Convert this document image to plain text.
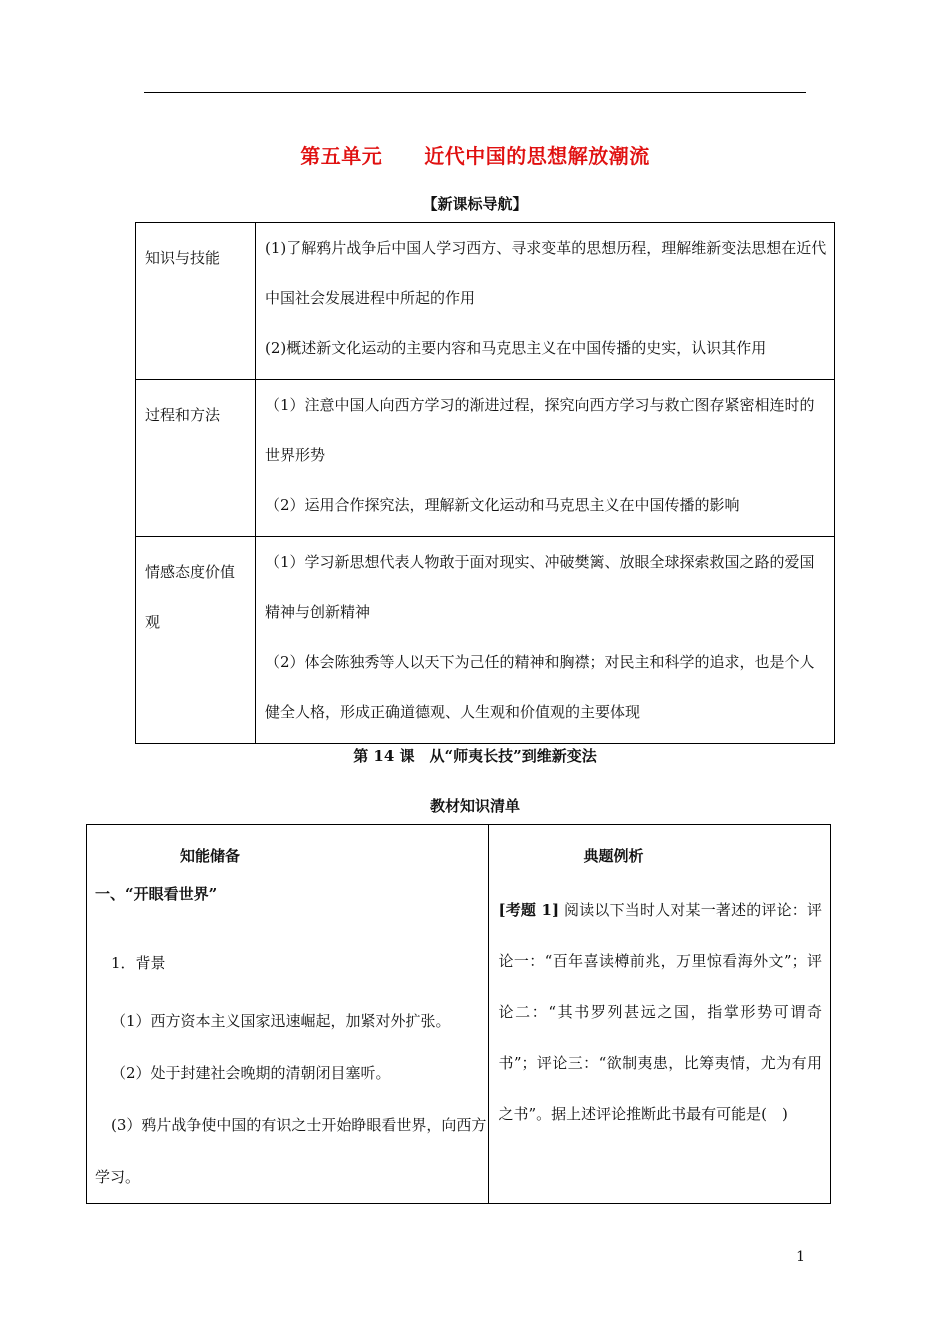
第五单元 近代中国的思想解放潮流
【新课标导航】
知识与技能	(1)了解鸦片战争后中国人学习西方、寻求变革的思想历程，理解维新变法思想在近代中国社会发展进程中所起的作用

(2)概述新文化运动的主要内容和马克思主义在中国传播的史实，认识其作用

过程和方法	（1）注意中国人向西方学习的渐进过程，探究向西方学习与救亡图存紧密相连时的世界形势

（2）运用合作探究法，理解新文化运动和马克思主义在中国传播的影响

情感态度价值观	（1）学习新思想代表人物敢于面对现实、冲破樊篱、放眼全球探索救国之路的爱国精神与创新精神

（2）体会陈独秀等人以天下为己任的精神和胸襟；对民主和科学的追求，也是个人健全人格，形成正确道德观、人生观和价值观的主要体现

第 14 课　从“师夷长技”到维新变法
教材知识清单
知能储备
一、“开眼看世界”
1．背景
（1）西方资本主义国家迅速崛起，加紧对外扩张。
（2）处于封建社会晚期的清朝闭目塞听。
(3）鸦片战争使中国的有识之士开始睁眼看世界，向西方学习。

典题例析
[考题 1] 阅读以下当时人对某一著述的评论：评论一：“百年喜读樽前兆，万里惊看海外文”；评论二：“其书罗列甚远之国，指掌形势可谓奇书”；评论三：“欲制夷患，比筹夷情，尤为有用之书”。据上述评论推断此书最有可能是(　)
1
